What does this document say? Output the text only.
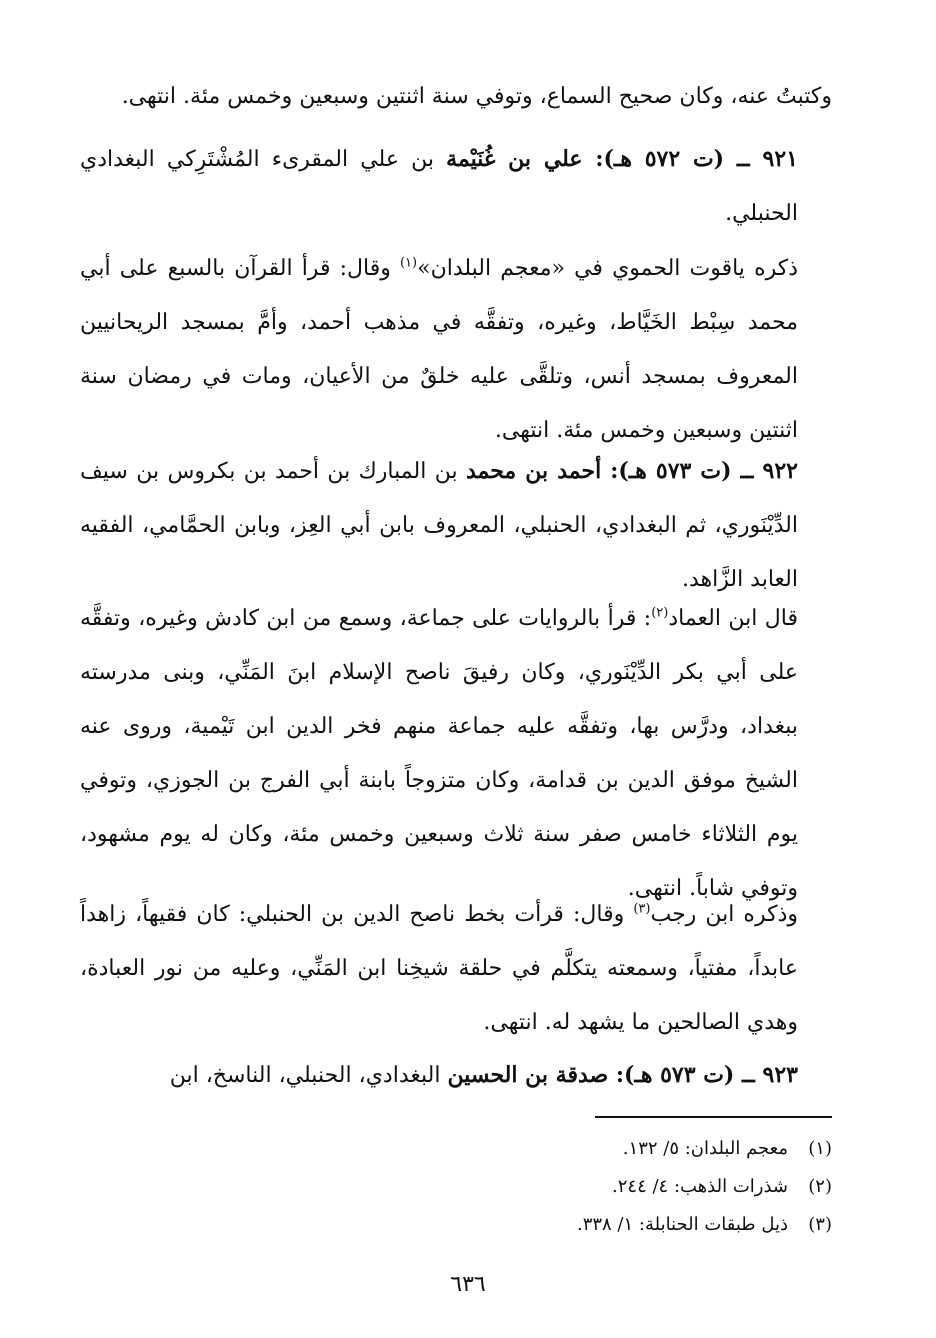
وكتبتُ عنه، وكان صحيح السماع، وتوفي سنة اثنتين وسبعين وخمس مئة. انتهى.

٩٢١ ــ (ت ٥٧٢ هـ): علي بن غُنَيْمة بن علي المقرىء المُشْتَرِكي البغدادي الحنبلي.

ذكره ياقوت الحموي في «معجم البلدان»$^{(١)}$ وقال: قرأ القرآن بالسبع على أبي محمد سِبْط الخَيَّاط، وغيره، وتفقَّه في مذهب أحمد، وأمَّ بمسجد الريحانيين المعروف بمسجد أنس، وتلقَّى عليه خلقٌ من الأعيان، ومات في رمضان سنة اثنتين وسبعين وخمس مئة. انتهى.

٩٢٢ ــ (ت ٥٧٣ هـ): أحمد بن محمد بن المبارك بن أحمد بن بكروس بن سيف الدِّيْنَوري، ثم البغدادي، الحنبلي، المعروف بابن أبي العِز، وبابن الحمَّامي، الفقيه العابد الزَّاهد.

قال ابن العماد$^{(٢)}$: قرأ بالروايات على جماعة، وسمع من ابن كادش وغيره، وتفقَّه على أبي بكر الدِّيْنَوري، وكان رفيقَ ناصح الإسلام ابنَ المَنِّي، وبنى مدرسته ببغداد، ودرَّس بها، وتفقَّه عليه جماعة منهم فخر الدين ابن تَيْمية، وروى عنه الشيخ موفق الدين بن قدامة، وكان متزوجاً بابنة أبي الفرج بن الجوزي، وتوفي يوم الثلاثاء خامس صفر سنة ثلاث وسبعين وخمس مئة، وكان له يوم مشهود، وتوفي شاباً. انتهى.

وذكره ابن رجب$^{(٣)}$ وقال: قرأت بخط ناصح الدين بن الحنبلي: كان فقيهاً، زاهداً عابداً، مفتياً، وسمعته يتكلَّم في حلقة شيخِنا ابن المَنِّي، وعليه من نور العبادة، وهدي الصالحين ما يشهد له. انتهى.

٩٢٣ ــ (ت ٥٧٣ هـ): صدقة بن الحسين البغدادي، الحنبلي، الناسخ، ابن

(١)معجم البلدان: ٥/ ١٣٢.
(٢)شذرات الذهب: ٤/ ٢٤٤.
(٣)ذيل طبقات الحنابلة: ١/ ٣٣٨.
٦٣٦
